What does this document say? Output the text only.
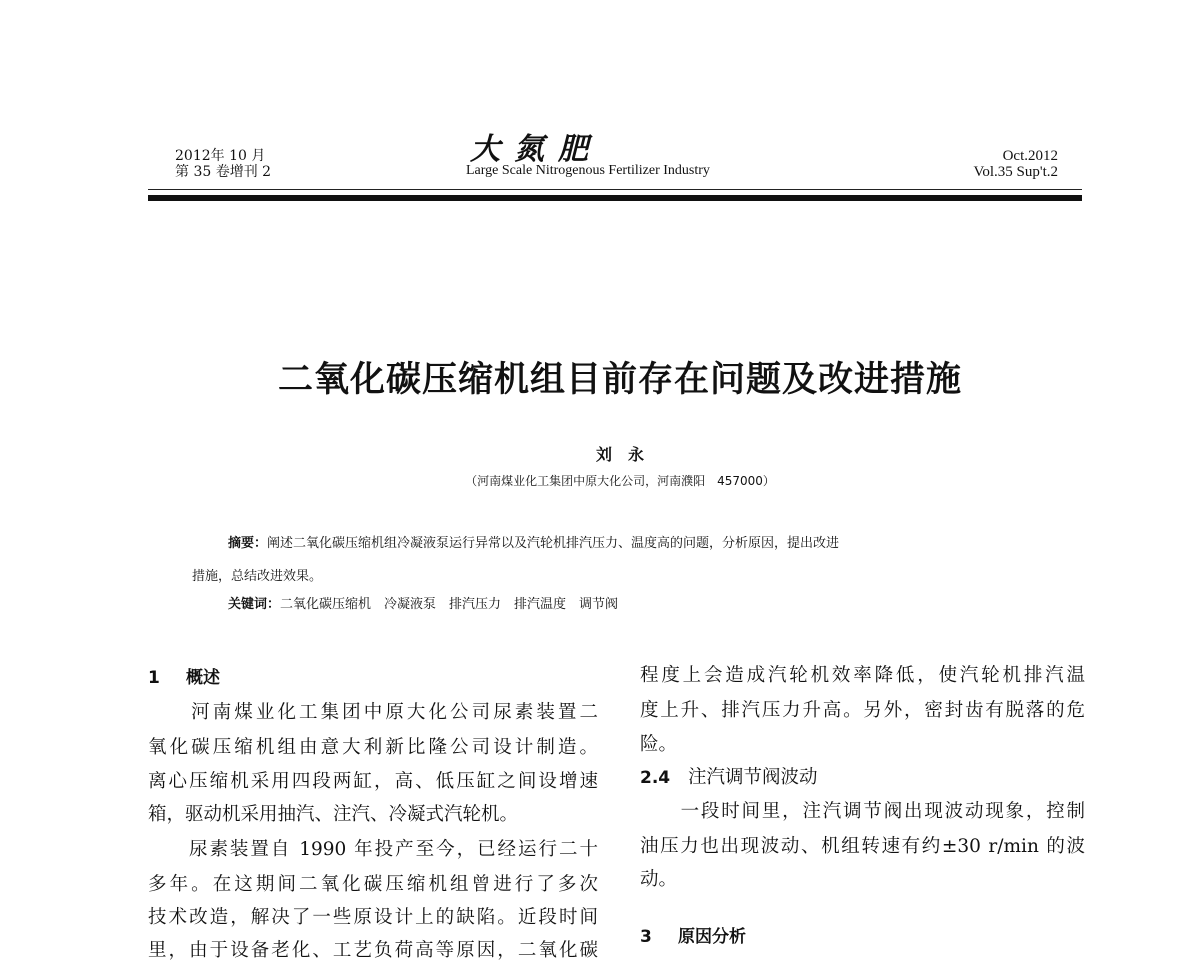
2012年 10 月
第 35 卷增刊 2
大氮肥
Large Scale Nitrogenous Fertilizer Industry
Oct.2012
Vol.35 Sup't.2
二氧化碳压缩机组目前存在问题及改进措施
刘　永
（河南煤业化工集团中原大化公司，河南濮阳　457000）
摘要：阐述二氧化碳压缩机组冷凝液泵运行异常以及汽轮机排汽压力、温度高的问题，分析原因，提出改进
措施，总结改进效果。
关键词：二氧化碳压缩机　冷凝液泵　排汽压力　排汽温度　调节阀
1 概述
　　河南煤业化工集团中原大化公司尿素装置二
氧化碳压缩机组由意大利新比隆公司设计制造。
离心压缩机采用四段两缸，高、低压缸之间设增速
箱，驱动机采用抽汽、注汽、冷凝式汽轮机。
　　尿素装置自 1990 年投产至今，已经运行二十
多年。在这期间二氧化碳压缩机组曾进行了多次
技术改造，解决了一些原设计上的缺陷。近段时间
里，由于设备老化、工艺负荷高等原因，二氧化碳
程度上会造成汽轮机效率降低，使汽轮机排汽温
度上升、排汽压力升高。另外，密封齿有脱落的危
险。
2.4 注汽调节阀波动
　　一段时间里，注汽调节阀出现波动现象，控制
油压力也出现波动、机组转速有约±30 r/min 的波
动。
3 原因分析
